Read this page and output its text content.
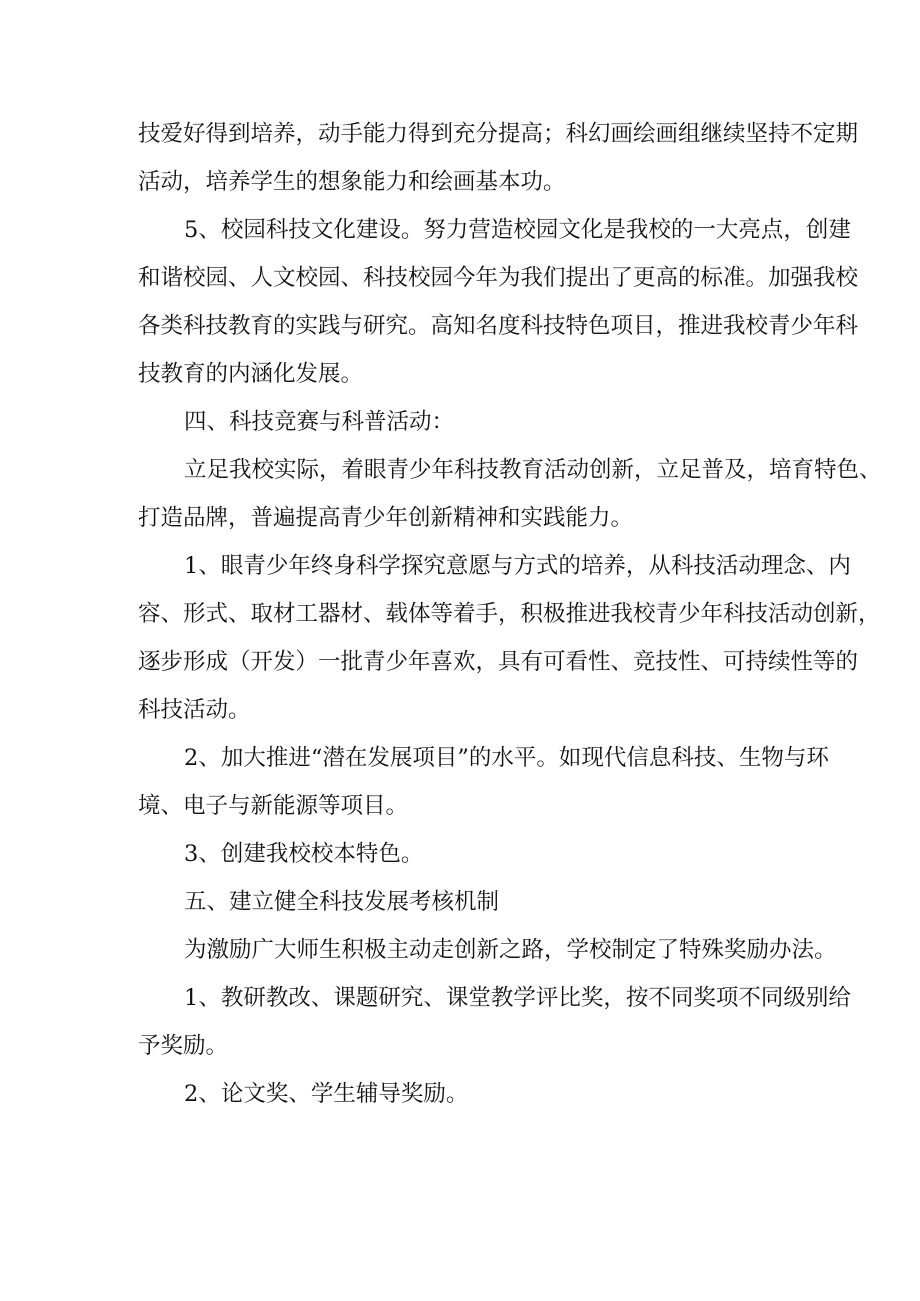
技爱好得到培养，动手能力得到充分提高；科幻画绘画组继续坚持不定期
活动，培养学生的想象能力和绘画基本功。
5、校园科技文化建设。努力营造校园文化是我校的一大亮点，创建
和谐校园、人文校园、科技校园今年为我们提出了更高的标准。加强我校
各类科技教育的实践与研究。高知名度科技特色项目，推进我校青少年科
技教育的内涵化发展。
四、科技竞赛与科普活动：
立足我校实际，着眼青少年科技教育活动创新，立足普及，培育特色、
打造品牌，普遍提高青少年创新精神和实践能力。
1、眼青少年终身科学探究意愿与方式的培养，从科技活动理念、内
容、形式、取材工器材、载体等着手，积极推进我校青少年科技活动创新，
逐步形成（开发）一批青少年喜欢，具有可看性、竞技性、可持续性等的
科技活动。
2、加大推进“潜在发展项目”的水平。如现代信息科技、生物与环
境、电子与新能源等项目。
3、创建我校校本特色。
五、建立健全科技发展考核机制
为激励广大师生积极主动走创新之路，学校制定了特殊奖励办法。
1、教研教改、课题研究、课堂教学评比奖，按不同奖项不同级别给
予奖励。
2、论文奖、学生辅导奖励。
